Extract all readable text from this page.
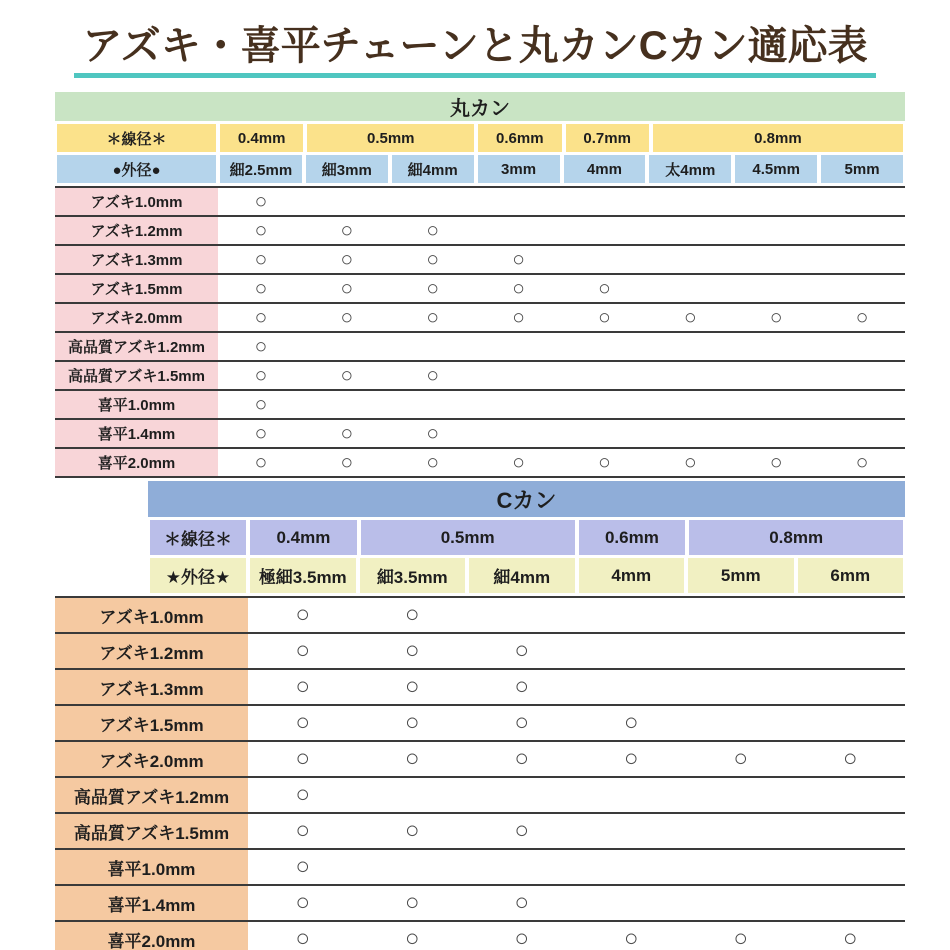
アズキ・喜平チェーンと丸カンCカン適応表
丸カン
＊線径＊	0.4mm	0.5mm	0.6mm	0.7mm	0.8mm
●外径●	細2.5mm	細3mm	細4mm	3mm	4mm	太4mm	4.5mm	5mm
アズキ1.0mm	○
アズキ1.2mm	○	○	○
アズキ1.3mm	○	○	○	○
アズキ1.5mm	○	○	○	○	○
アズキ2.0mm	○	○	○	○	○	○	○	○
高品質アズキ1.2mm	○
高品質アズキ1.5mm	○	○	○
喜平1.0mm	○
喜平1.4mm	○	○	○
喜平2.0mm	○	○	○	○	○	○	○	○
Cカン
＊線径＊	0.4mm	0.5mm	0.6mm	0.8mm
★外径★	極細3.5mm	細3.5mm	細4mm	4mm	5mm	6mm
アズキ1.0mm	○	○
アズキ1.2mm	○	○	○
アズキ1.3mm	○	○	○
アズキ1.5mm	○	○	○	○
アズキ2.0mm	○	○	○	○	○	○
高品質アズキ1.2mm	○
高品質アズキ1.5mm	○	○	○
喜平1.0mm	○
喜平1.4mm	○	○	○
喜平2.0mm	○	○	○	○	○	○
